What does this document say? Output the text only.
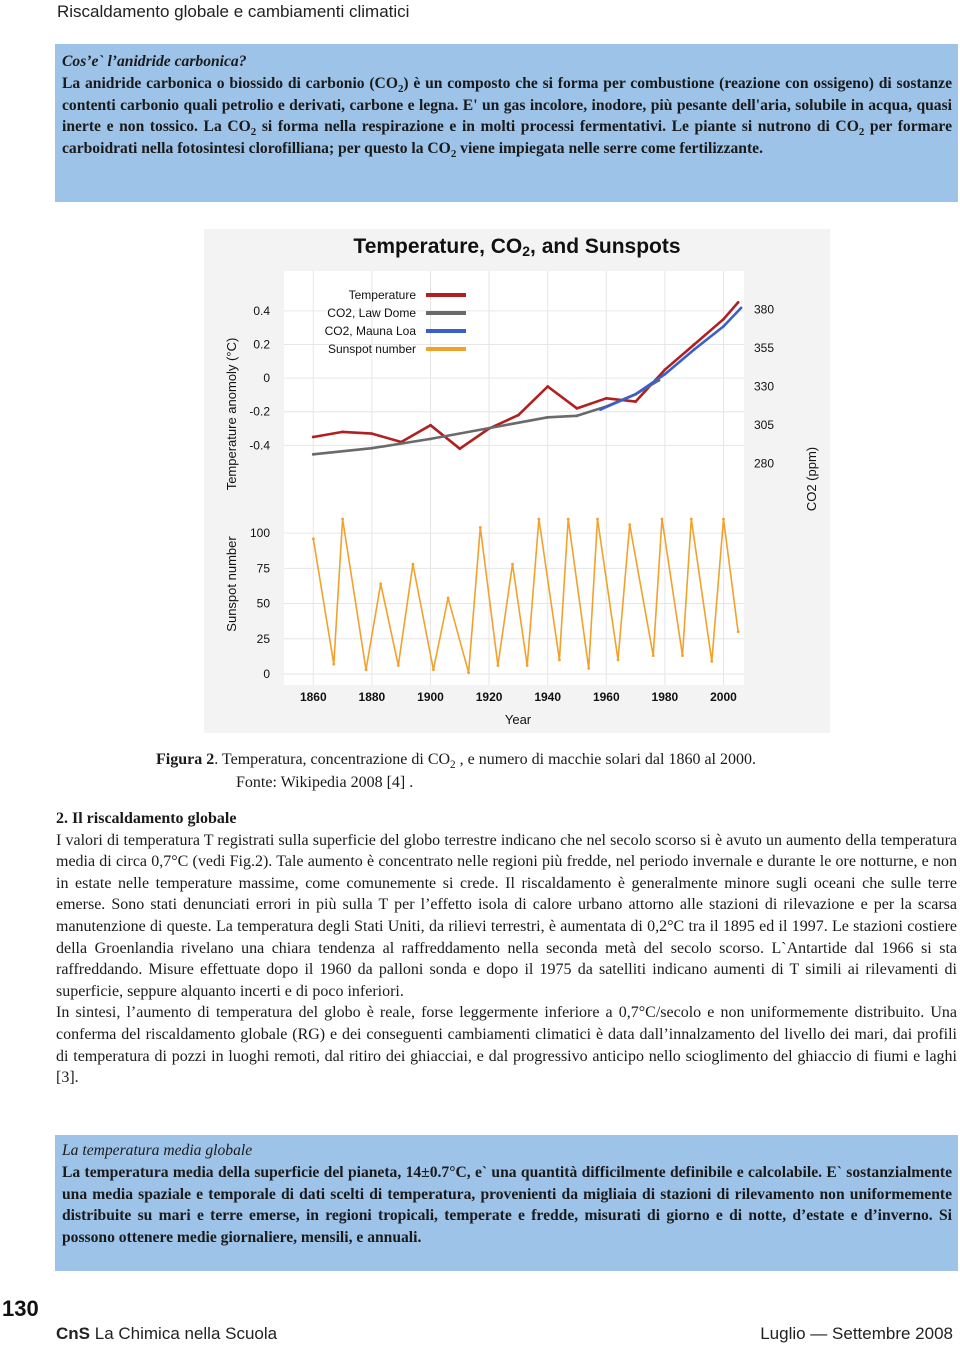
Riscaldamento globale e cambiamenti climatici

Cos’e` l’anidride carbonica?
La anidride carbonica o biossido di carbonio $(CO_2)$ è un composto che si forma per combustione (reazione con ossigeno) di sostanze contenti carbonio quali petrolio e derivati, carbone e legna. E' un gas incolore, inodore, più pesante dell'aria, solubile in acqua, quasi inerte e non tossico. La $CO_2$ si forma nella respirazione e in molti processi fermentativi. Le piante si nutrono di $CO_2$ per formare carboidrati nella fotosintesi clorofilliana; per questo la $CO_2$ viene impiegata nelle serre come fertilizzante.

Temperature, CO2, and Sunspots
1860	1880	1900	1920	1940	1960	1980	2000
0.4
0.2
0
-0.2
-0.4
380
355
330
305
280
100
75
50
25
0
Temperature
CO2, Law Dome
CO2, Mauna Loa
Sunspot number
Temperature anomoly (°C)
Sunspot number
CO2 (ppm)
Year
Figura 2. Temperatura, concentrazione di $CO_2$ , e numero di macchie solari dal 1860 al 2000.
Fonte: Wikipedia 2008 [4] .
2. Il riscaldamento globale

I valori di temperatura T registrati sulla superficie del globo terrestre indicano che nel secolo scorso si è avuto un aumento della temperatura media di circa 0,7°C (vedi Fig.2). Tale aumento è concentrato nelle regioni più fredde, nel periodo invernale e durante le ore notturne, e non in estate nelle temperature massime, come comunemente si crede. Il riscaldamento è generalmente minore sugli oceani che sulle terre emerse. Sono stati denunciati errori in più sulla T per l’effetto isola di calore urbano attorno alle stazioni di rilevazione e per la scarsa manutenzione di queste. La temperatura degli Stati Uniti, da rilievi terrestri, è aumentata di 0,2°C tra il 1895 ed il 1997. Le stazioni costiere della Groenlandia rivelano una chiara tendenza al raffreddamento nella seconda metà del secolo scorso. L`Antartide dal 1966 si sta raffreddando. Misure effettuate dopo il 1960 da palloni sonda e dopo il 1975 da satelliti indicano aumenti di T simili ai rilevamenti di superficie, seppure alquanto incerti e di poco inferiori.

In sintesi, l’aumento di temperatura del globo è reale, forse leggermente inferiore a 0,7°C/secolo e non uniformemente distribuito. Una conferma del riscaldamento globale (RG) e dei conseguenti cambiamenti climatici è data dall’innalzamento del livello dei mari, dai profili di temperatura di pozzi in luoghi remoti, dal ritiro dei ghiacciai, e dal progressivo anticipo nello scioglimento del ghiaccio di fiumi e laghi [3].

La temperatura media globale
La temperatura media della superficie del pianeta, 14±0.7°C, e` una quantità difficilmente definibile e calcolabile. E` sostanzialmente una media spaziale e temporale di dati scelti di temperatura, provenienti da migliaia di stazioni di rilevamento non uniformemente distribuite su mari e terre emerse, in regioni tropicali, temperate e fredde, misurati di giorno e di notte, d’estate e d’inverno. Si possono ottenere medie giornaliere, mensili, e annuali.

130
CnS La Chimica nella Scuola	Luglio — Settembre 2008
